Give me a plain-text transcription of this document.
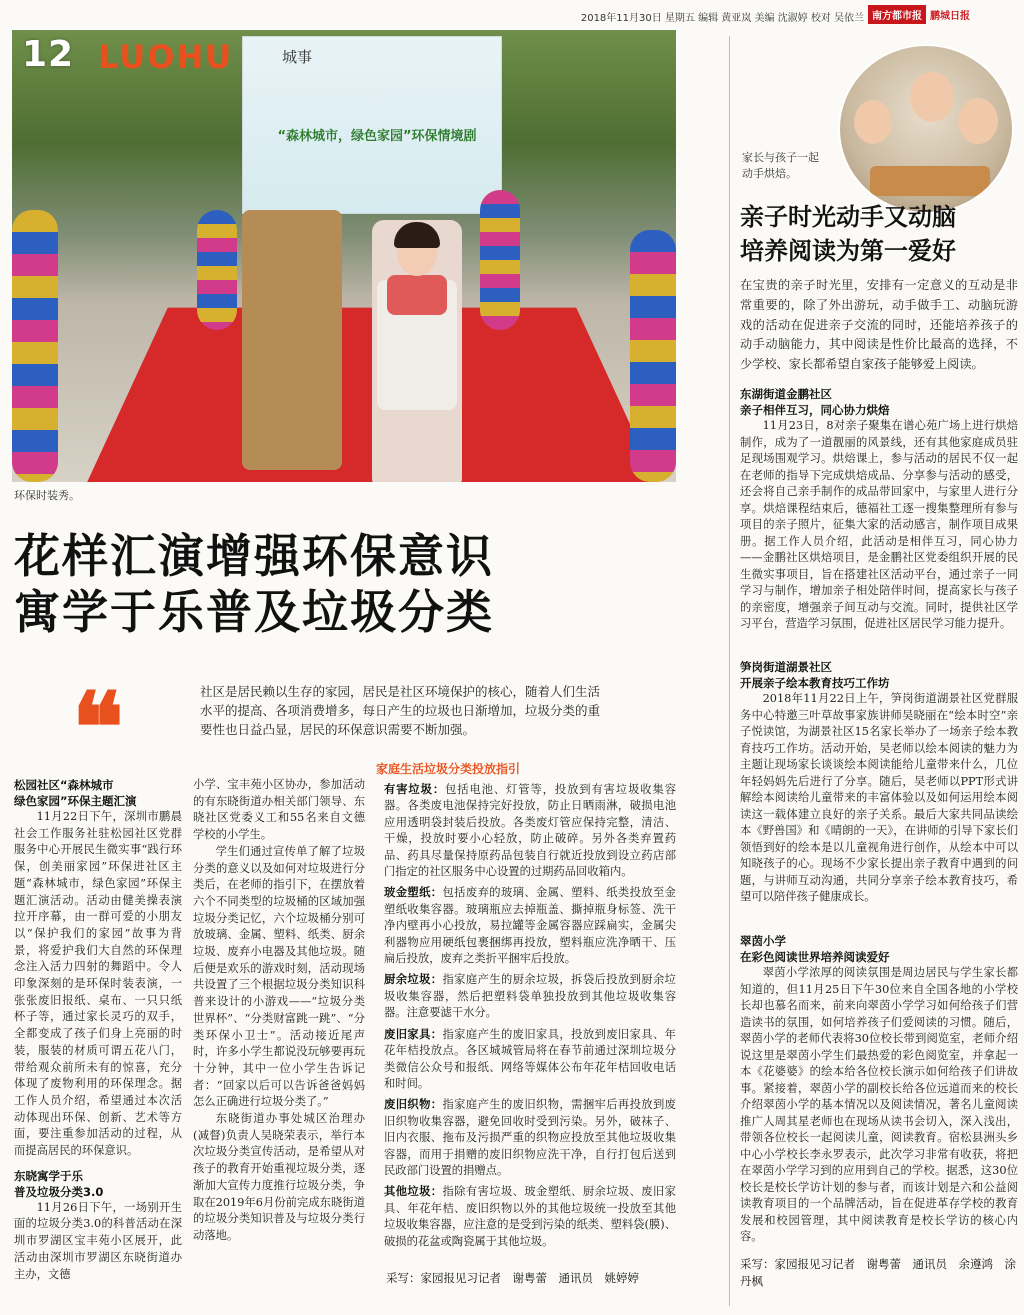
2018年11月30日 星期五 编辑 黄亚岚 美编 沈淑婷 校对 吴依兰 南方都市报 鹏城日报
“森林城市，绿色家园”环保情境剧
12 LUOHU	城事
环保时装秀。
花样汇演增强环保意识
寓学于乐普及垃圾分类
❝	社区是居民赖以生存的家园，居民是社区环境保护的核心，随着人们生活水平的提高、各项消费增多，每日产生的垃圾也日渐增加，垃圾分类的重要性也日益凸显，居民的环保意识需要不断加强。
松园社区“森林城市
绿色家园”环保主题汇演

11月22日下午，深圳市鹏晨社会工作服务社驻松园社区党群服务中心开展民生微实事“践行环保，创美丽家园”环保进社区主题“森林城市，绿色家园”环保主题汇演活动。活动由健美操表演拉开序幕，由一群可爱的小朋友以“保护我们的家园”故事为背景，将爱护我们大自然的环保理念注入活力四射的舞蹈中。令人印象深刻的是环保时装表演，一张张废旧报纸、桌布、一只只纸杯子等，通过家长灵巧的双手，全都变成了孩子们身上亮丽的时装，服装的材质可谓五花八门，带给观众前所未有的惊喜，充分体现了废物利用的环保理念。据工作人员介绍，希望通过本次活动体现出环保、创新、艺术等方面，要注重参加活动的过程，从而提高居民的环保意识。

东晓寓学于乐
普及垃圾分类3.0

11月26日下午，一场别开生面的垃圾分类3.0的科普活动在深圳市罗湖区宝丰苑小区展开，此活动由深圳市罗湖区东晓街道办主办，文德

小学、宝丰苑小区协办，参加活动的有东晓街道办相关部门领导、东晓社区党委义工和55名来自文德学校的小学生。

学生们通过宣传单了解了垃圾分类的意义以及如何对垃圾进行分类后，在老师的指引下，在摆放着六个不同类型的垃圾桶的区域加强垃圾分类记忆，六个垃圾桶分别可放玻璃、金属、塑料、纸类、厨余垃圾、废弃小电器及其他垃圾。随后便是欢乐的游戏时刻，活动现场共设置了三个根据垃圾分类知识科普来设计的小游戏——“垃圾分类世界杯”、“分类财富跳一跳”、“分类环保小卫士”。活动接近尾声时，许多小学生都说没玩够要再玩十分钟，其中一位小学生告诉记者：“回家以后可以告诉爸爸妈妈怎么正确进行垃圾分类了。”

东晓街道办事处城区治理办(减督)负责人吴晓荣表示，举行本次垃圾分类宣传活动，是希望从对孩子的教育开始重视垃圾分类，逐渐加大宣传力度推行垃圾分类，争取在2019年6月份前完成东晓街道的垃圾分类知识普及与垃圾分类行动落地。

家庭生活垃圾分类投放指引
有害垃圾：包括电池、灯管等，投放到有害垃圾收集容器。各类废电池保持完好投放，防止日晒雨淋，破损电池应用透明袋封装后投放。各类废灯管应保持完整，清洁、干燥，投放时要小心轻放，防止破碎。另外各类弃置药品、药具尽量保持原药品包装自行就近投放到设立药店部门指定的社区服务中心设置的过期药品回收箱内。
玻金塑纸：包括废弃的玻璃、金属、塑料、纸类投放至金塑纸收集容器。玻璃瓶应去掉瓶盖、撕掉瓶身标签、洗干净内壁再小心投放，易拉罐等金属容器应踩扁实，金属尖利器物应用硬纸包裹捆绑再投放，塑料瓶应洗净晒干、压扁后投放，废弃之类折平捆牢后投放。
厨余垃圾：指家庭产生的厨余垃圾，拆袋后投放到厨余垃圾收集容器，然后把塑料袋单独投放到其他垃圾收集容器。注意要滤干水分。
废旧家具：指家庭产生的废旧家具，投放到废旧家具、年花年桔投放点。各区城城管局将在春节前通过深圳垃圾分类微信公众号和报纸、网络等媒体公布年花年桔回收电话和时间。
废旧织物：指家庭产生的废旧织物，需捆牢后再投放到废旧织物收集容器，避免回收时受到污染。另外，破袜子、旧内衣服、拖布及污损严重的织物应投放至其他垃圾收集容器，而用于捐赠的废旧织物应洗干净，自行打包后送到民政部门设置的捐赠点。
其他垃圾：指除有害垃圾、玻金塑纸、厨余垃圾、废旧家具、年花年桔、废旧织物以外的其他垃圾统一投放至其他垃圾收集容器，应注意的是受到污染的纸类、塑料袋(膜)、破损的花盆或陶瓷属于其他垃圾。
采写：家园报见习记者　谢粤蕾　通讯员　姚婷婷
家长与孩子一起动手烘焙。
亲子时光动手又动脑
培养阅读为第一爱好
在宝贵的亲子时光里，安排有一定意义的互动是非常重要的，除了外出游玩，动手做手工、动脑玩游戏的活动在促进亲子交流的同时，还能培养孩子的动手动脑能力，其中阅读是性价比最高的选择，不少学校、家长都希望自家孩子能够爱上阅读。
东湖街道金鹏社区
亲子相伴互习，同心协力烘焙
11月23日，8对亲子聚集在谱心苑广场上进行烘焙制作，成为了一道靓丽的风景线，还有其他家庭成员驻足现场围观学习。烘焙课上，参与活动的居民不仅一起在老师的指导下完成烘焙成品、分享参与活动的感受，还会将自己亲手制作的成品带回家中，与家里人进行分享。烘焙课程结束后，德福社工逐一搜集整理所有参与项目的亲子照片，征集大家的活动感言，制作项目成果册。据工作人员介绍，此活动是相伴互习，同心协力——金鹏社区烘焙项目，是金鹏社区党委组织开展的民生微实事项目，旨在搭建社区活动平台，通过亲子一同学习与制作，增加亲子相处陪伴时间，提高家长与孩子的亲密度，增强亲子间互动与交流。同时，提供社区学习平台，营造学习氛围，促进社区居民学习能力提升。
笋岗街道湖景社区
开展亲子绘本教育技巧工作坊
2018年11月22日上午，笋岗街道湖景社区党群服务中心特邀三叶草故事家族讲师吴晓丽在“绘本时空”亲子悦读馆，为湖景社区15名家长举办了一场亲子绘本教育技巧工作坊。活动开始，吴老师以绘本阅读的魅力为主题让现场家长谈谈绘本阅读能给儿童带来什么，几位年轻妈妈先后进行了分享。随后，吴老师以PPT形式讲解绘本阅读给儿童带来的丰富体验以及如何运用绘本阅读这一载体建立良好的亲子关系。最后大家共同品读绘本《野兽国》和《晴朗的一天》，在讲师的引导下家长们领悟到好的绘本是以儿童视角进行创作，从绘本中可以知晓孩子的心。现场不少家长提出亲子教育中遇到的问题，与讲师互动沟通，共同分享亲子绘本教育技巧，希望可以陪伴孩子健康成长。
翠茵小学
在彩色阅读世界培养阅读爱好
翠茵小学浓厚的阅读氛围是周边居民与学生家长都知道的，但11月25日下午30位来自全国各地的小学校长却也慕名而来，前来向翠茵小学学习如何给孩子们营造读书的氛围，如何培养孩子们爱阅读的习惯。随后，翠茵小学的老师代表将30位校长带到阅览室，老师介绍说这里是翠茵小学生们最热爱的彩色阅览室，并拿起一本《花婆婆》的绘本给各位校长演示如何给孩子们讲故事。紧接着，翠茵小学的副校长给各位远道而来的校长介绍翠茵小学的基本情况以及阅读情况，著名儿童阅读推广人周其星老师也在现场从读书会切入，深入浅出，带领各位校长一起阅读儿童，阅读教育。宿松县洲头乡中心小学校长李永罗表示，此次学习非常有收获，将把在翠茵小学学习到的应用到自己的学校。据悉，这30位校长是校长学访计划的参与者，而该计划是六和公益阅读教育项目的一个品牌活动，旨在促进革存学校的教育发展和校园管理，其中阅读教育是校长学访的核心内容。
采写：家园报见习记者　谢粤蕾　通讯员　余遵鸿　涂丹枫
